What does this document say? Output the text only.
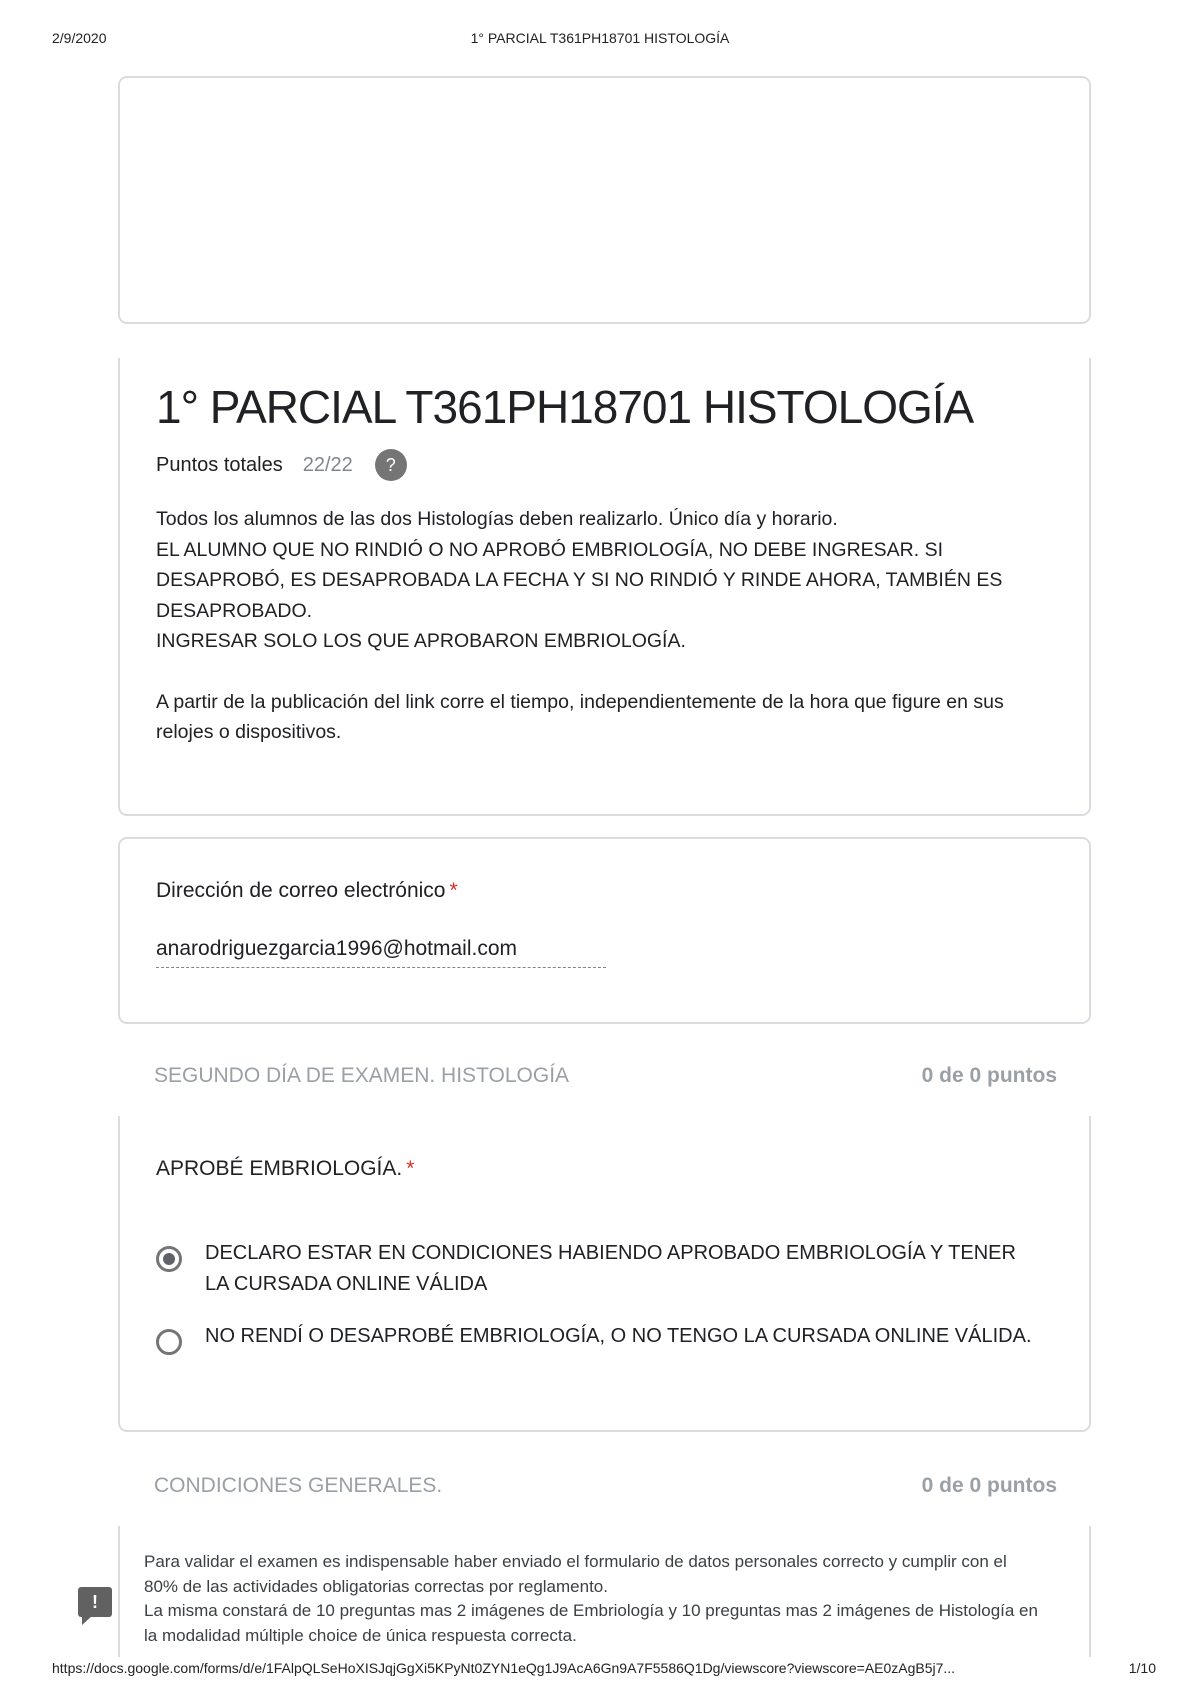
2/9/2020	1° PARCIAL T361PH18701 HISTOLOGÍA
1° PARCIAL T361PH18701 HISTOLOGÍA
Puntos totales 22/22	?

Todos los alumnos de las dos Histologías deben realizarlo. Único día y horario.

EL ALUMNO QUE NO RINDIÓ O NO APROBÓ EMBRIOLOGÍA, NO DEBE INGRESAR. SI DESAPROBÓ, ES DESAPROBADA LA FECHA Y SI NO RINDIÓ Y RINDE AHORA, TAMBIÉN ES DESAPROBADO.

INGRESAR SOLO LOS QUE APROBARON EMBRIOLOGÍA.

A partir de la publicación del link corre el tiempo, independientemente de la hora que figure en sus relojes o dispositivos.

Dirección de correo electrónico *
anarodriguezgarcia1996@hotmail.com
SEGUNDO DÍA DE EXAMEN. HISTOLOGÍA	0 de 0 puntos
APROBÉ EMBRIOLOGÍA. *
DECLARO ESTAR EN CONDICIONES HABIENDO APROBADO EMBRIOLOGÍA Y TENER LA CURSADA ONLINE VÁLIDA
NO RENDÍ O DESAPROBÉ EMBRIOLOGÍA, O NO TENGO LA CURSADA ONLINE VÁLIDA.
CONDICIONES GENERALES.	0 de 0 puntos

Para validar el examen es indispensable haber enviado el formulario de datos personales correcto y cumplir con el 80% de las actividades obligatorias correctas por reglamento.

La misma constará de 10 preguntas mas 2 imágenes de Embriología y 10 preguntas mas 2 imágenes de Histología en la modalidad múltiple choice de única respuesta correcta.

!
https://docs.google.com/forms/d/e/1FAlpQLSeHoXISJqjGgXi5KPyNt0ZYN1eQg1J9AcA6Gn9A7F5586Q1Dg/viewscore?viewscore=AE0zAgB5j7...	1/10
